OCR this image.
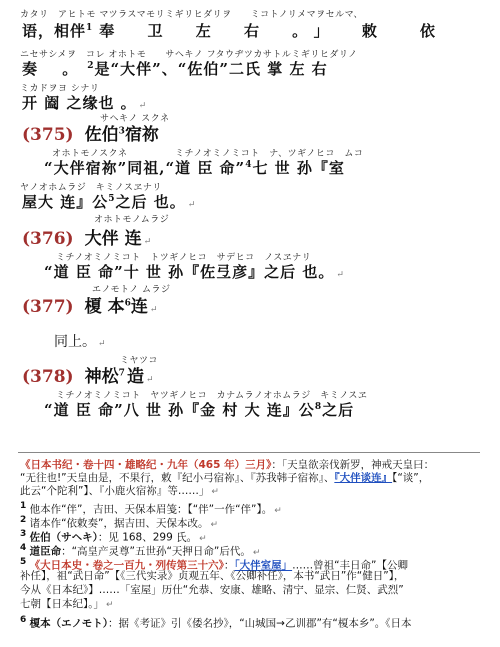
カタリ　アヒトモ マツラスマモリミギリヒダリヲ　　ミコトノリメマヲセルマ、
语，相伴$^1$ 奉 卫 左 右 。」 敕　依
ニセサシメヲ　コレ オホトモ　　サヘキノ フタウヂツカサトルミギリヒダリノ
奏 。$^2$是“大伴”、“佐伯”二氏 掌 左 右
ミカドヲヨ シナリ
开 阖 之缘也 。 ↵
サヘキノ スクネ
(375) 佐伯$^3$宿祢
オホトモノスクネ　　　　　ミチノオミノミコト　ナ、ツギノヒコ　ムコ
“大伴宿祢”同祖,“道 臣 命”$^4$七 世 孙『室
ヤノオホムラジ　キミノスヱナリ
屋大 连』公$^5$之后 也。 ↵
オホトモノムラジ
(376) 大伴 连 ↵
ミチノオミノミコト　トツギノヒコ　サデヒコ　ノスヱナリ
“道 臣 命”十 世 孙『佐弖彦』之后 也。 ↵
エノモトノ ムラジ
(377) 榎 本$^6$连 ↵
同上。 ↵
ミヤツコ
(378) 神松$^7$ 造 ↵
ミチノオミノミコト　ヤツギノヒコ　カナムラノオホムラジ　キミノスヱ
“道 臣 命”八 世 孙『金 村 大 连』公$^8$之后
《日本书纪・卷十四・雄略纪・九年（465 年）三月》：「天皇欲亲伐新罗，神戒天皇曰：
“无往也!”天皇由是，不果行，敕『纪小弓宿祢』、『苏我韩子宿祢』、『大伴谈连』【“谈”，
此云“个陀利”】、『小鹿火宿祢』等……」 ↵
1 他本作“伴”，吉田、天保本眉笺：【“伴”一作“伴”】。 ↵
2 诸本作“依敕奏”，据吉田、天保本改。 ↵
3 佐伯（サヘキ）：见 168、299 氏。 ↵
4 道臣命：“高皇产灵尊”五世孙“天押日命”后代。 ↵
5 《大日本史・卷之一百九・列传第三十六》：「大伴室屋」……曾祖“丰日命”【公卿
补任】，祖“武日命”【《三代实录》贞观五年、《公卿补任》，本书“武日”作“健日”】，
今从《日本纪》】……「室屋」历仕“允恭、安康、雄略、清宁、显宗、仁贤、武烈”
七朝【日本纪】。」 ↵
6 榎本（エノモト）：据《考证》引《倭名抄》，“山城国→乙训郡”有“榎本乡”。《日本
